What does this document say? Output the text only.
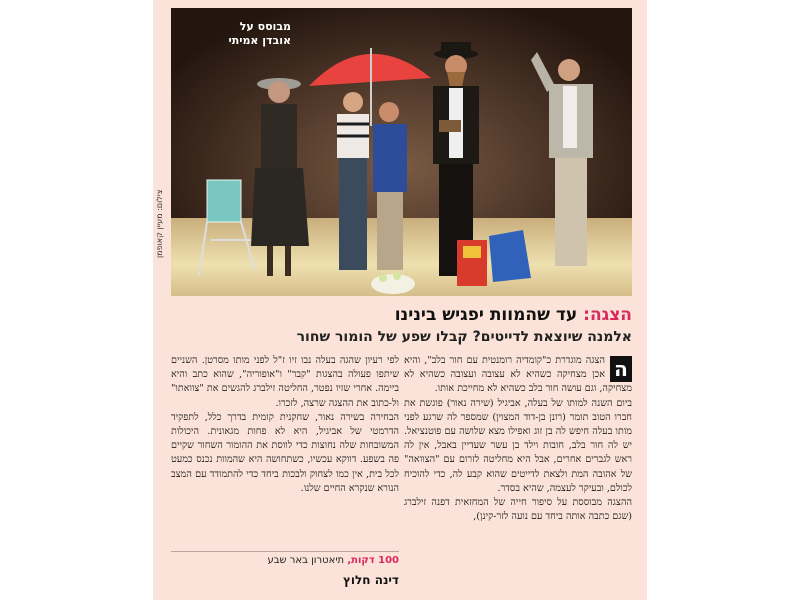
מבוסס על
אובדן אמיתי
צילום: מעיין קאופמן
הצגה: עד שהמוות יפגיש בינינו
אלמנה שיוצאת לדייטים? קבלו שפע של הומור שחור
ה

הצגה מוגדרת כ"קומדיה רומנטית עם חור בלב", והיא אכן מצחיקה כשהיא לא עצובה ועצובה כשהיא לא מצחיקה, וגם עושה חור בלב כשהיא לא מחייכת אותו.

ביום השנה למותו של בעלה, אביגיל (שירה נאור) פוגשת את חברו הטוב תומר (רונן בן-דוד המצוין) שמספר לה שרגע לפני מותו בעלה חיפש לה בן זוג ואפילו מצא שלושה עם פוטנציאל. יש לה חור בלב, חובות וילד בן עשר שעדיין באבל, אין לה ראש לגברים אחרים, אבל היא מחליטה לזרום עם "הצוואה" של אהובה המת ולצאת לדייטים שהוא קבע לה, כדי להוכיח לכולם, ובעיקר לעצמה, שהיא בסדר.

ההצגה מבוססת על סיפור חייה של המחזאית דפנה זילברג (שגם כתבה אותה ביחד עם נועה לזר-קינן),

לפי רעיון שהגה בעלה נבו זיו ז"ל לפני מותו מסרטן. השניים שיתפו פעולה בהצגות "קבר" ו"אופוריה", שהוא כתב והיא ביימה. אחרי שזיו נפטר, החליטה זילברג להגשים את "צוואתו" ול-כתוב את ההצגה שרצה, לזכרו.

הבחירה בשירה נאור, שחקנית קומית בדרך כלל, לתפקיד הדרמטי של אביגיל, היא לא פחות מגאונית. היכולות המשובחות שלה נחוצות כדי לווסת את ההומור השחור שקיים פה בשפע. דווקא עכשיו, כשתחושה היא שהמוות נכנס כמעט לכל בית, אין כמו לצחוק ולבכות ביחד כדי להתמודד עם המצב הנורא שנקרא החיים שלנו.

100 דקות, תיאטרון באר שבע
דינה חלוץ
